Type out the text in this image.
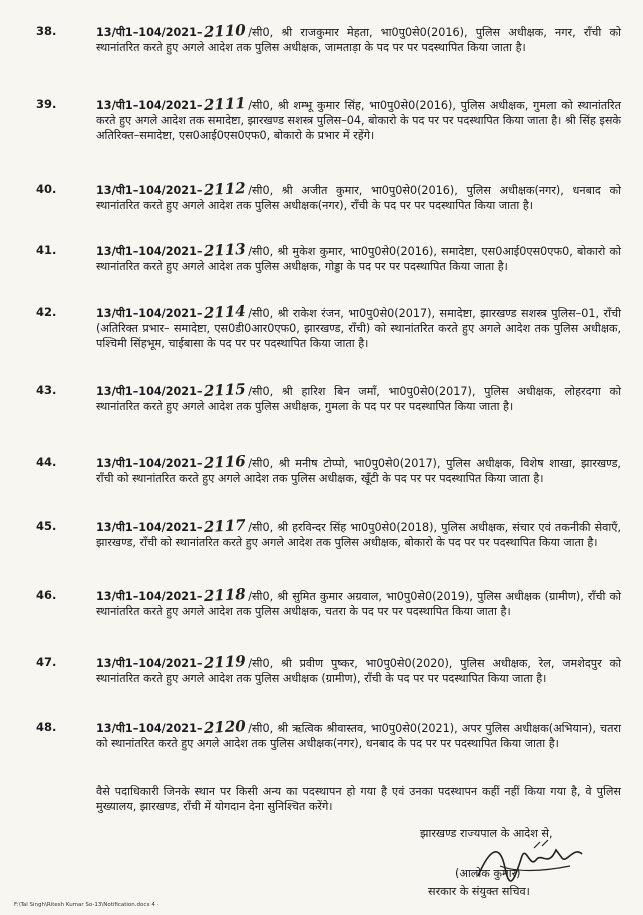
38.	13/पी1–104/2021– 2110 /सी0, श्री राजकुमार मेहता, भा0पु0से0(2016), पुलिस अधीक्षक, नगर, राँची को स्थानांतरित करते हुए अगले आदेश तक पुलिस अधीक्षक, जामताड़ा के पद पर पर पदस्थापित किया जाता है।
39.	13/पी1–104/2021– 2111 /सी0, श्री शम्भू कुमार सिंह, भा0पु0से0(2016), पुलिस अधीक्षक, गुमला को स्थानांतरित करते हुए अगले आदेश तक समादेष्टा, झारखण्ड सशस्त्र पुलिस–04, बोकारो के पद पर पर पदस्थापित किया जाता है। श्री सिंह इसके अतिरिक्त–समादेष्टा, एस0आई0एस0एफ0, बोकारो के प्रभार में रहेंगे।
40.	13/पी1–104/2021– 2112 /सी0, श्री अजीत कुमार, भा0पु0से0(2016), पुलिस अधीक्षक(नगर), धनबाद को स्थानांतरित करते हुए अगले आदेश तक पुलिस अधीक्षक(नगर), राँची के पद पर पर पदस्थापित किया जाता है।
41.	13/पी1–104/2021– 2113 /सी0, श्री मुकेश कुमार, भा0पु0से0(2016), समादेष्टा, एस0आई0एस0एफ0, बोकारो को स्थानांतरित करते हुए अगले आदेश तक पुलिस अधीक्षक, गोड्डा के पद पर पर पदस्थापित किया जाता है।
42.	13/पी1–104/2021– 2114 /सी0, श्री राकेश रंजन, भा0पु0से0(2017), समादेष्टा, झारखण्ड सशस्त्र पुलिस–01, राँची (अतिरिक्त प्रभार– समादेष्टा, एस0डी0आर0एफ0, झारखण्ड, राँची) को स्थानांतरित करते हुए अगले आदेश तक पुलिस अधीक्षक, पश्चिमी सिंहभूम, चाईबासा के पद पर पर पदस्थापित किया जाता है।
43.	13/पी1–104/2021– 2115 /सी0, श्री हारिश बिन जमाँ, भा0पु0से0(2017), पुलिस अधीक्षक, लोहरदगा को स्थानांतरित करते हुए अगले आदेश तक पुलिस अधीक्षक, गुमला के पद पर पर पदस्थापित किया जाता है।
44.	13/पी1–104/2021– 2116 /सी0, श्री मनीष टोप्पो, भा0पु0से0(2017), पुलिस अधीक्षक, विशेष शाखा, झारखण्ड, राँची को स्थानांतरित करते हुए अगले आदेश तक पुलिस अधीक्षक, खूँटी के पद पर पर पदस्थापित किया जाता है।
45.	13/पी1–104/2021– 2117 /सी0, श्री हरविन्दर सिंह भा0पु0से0(2018), पुलिस अधीक्षक, संचार एवं तकनीकी सेवाएँ, झारखण्ड, राँची को स्थानांतरित करते हुए अगले आदेश तक पुलिस अधीक्षक, बोकारो के पद पर पर पदस्थापित किया जाता है।
46.	13/पी1–104/2021– 2118 /सी0, श्री सुमित कुमार अग्रवाल, भा0पु0से0(2019), पुलिस अधीक्षक (ग्रामीण), राँची को स्थानांतरित करते हुए अगले आदेश तक पुलिस अधीक्षक, चतरा के पद पर पर पदस्थापित किया जाता है।
47.	13/पी1–104/2021– 2119 /सी0, श्री प्रवीण पुष्कर, भा0पु0से0(2020), पुलिस अधीक्षक, रेल, जमशेदपुर को स्थानांतरित करते हुए अगले आदेश तक पुलिस अधीक्षक (ग्रामीण), राँची के पद पर पर पदस्थापित किया जाता है।
48.	13/पी1–104/2021– 2120 /सी0, श्री ऋत्विक श्रीवास्तव, भा0पु0से0(2021), अपर पुलिस अधीक्षक(अभियान), चतरा को स्थानांतरित करते हुए अगले आदेश तक पुलिस अधीक्षक(नगर), धनबाद के पद पर पर पदस्थापित किया जाता है।
वैसे पदाधिकारी जिनके स्थान पर किसी अन्य का पदस्थापन हो गया है एवं उनका पदस्थापन कहीं नहीं किया गया है, वे पुलिस मुख्यालय, झारखण्ड, राँची में योगदान देना सुनिश्चित करेंगे।
झारखण्ड राज्यपाल के आदेश से,
(आलोक कुमार)
सरकार के संयुक्त सचिव।
F:\Tal Singh\Ritesh Kumar So-13\Notification.docx 4 ·
